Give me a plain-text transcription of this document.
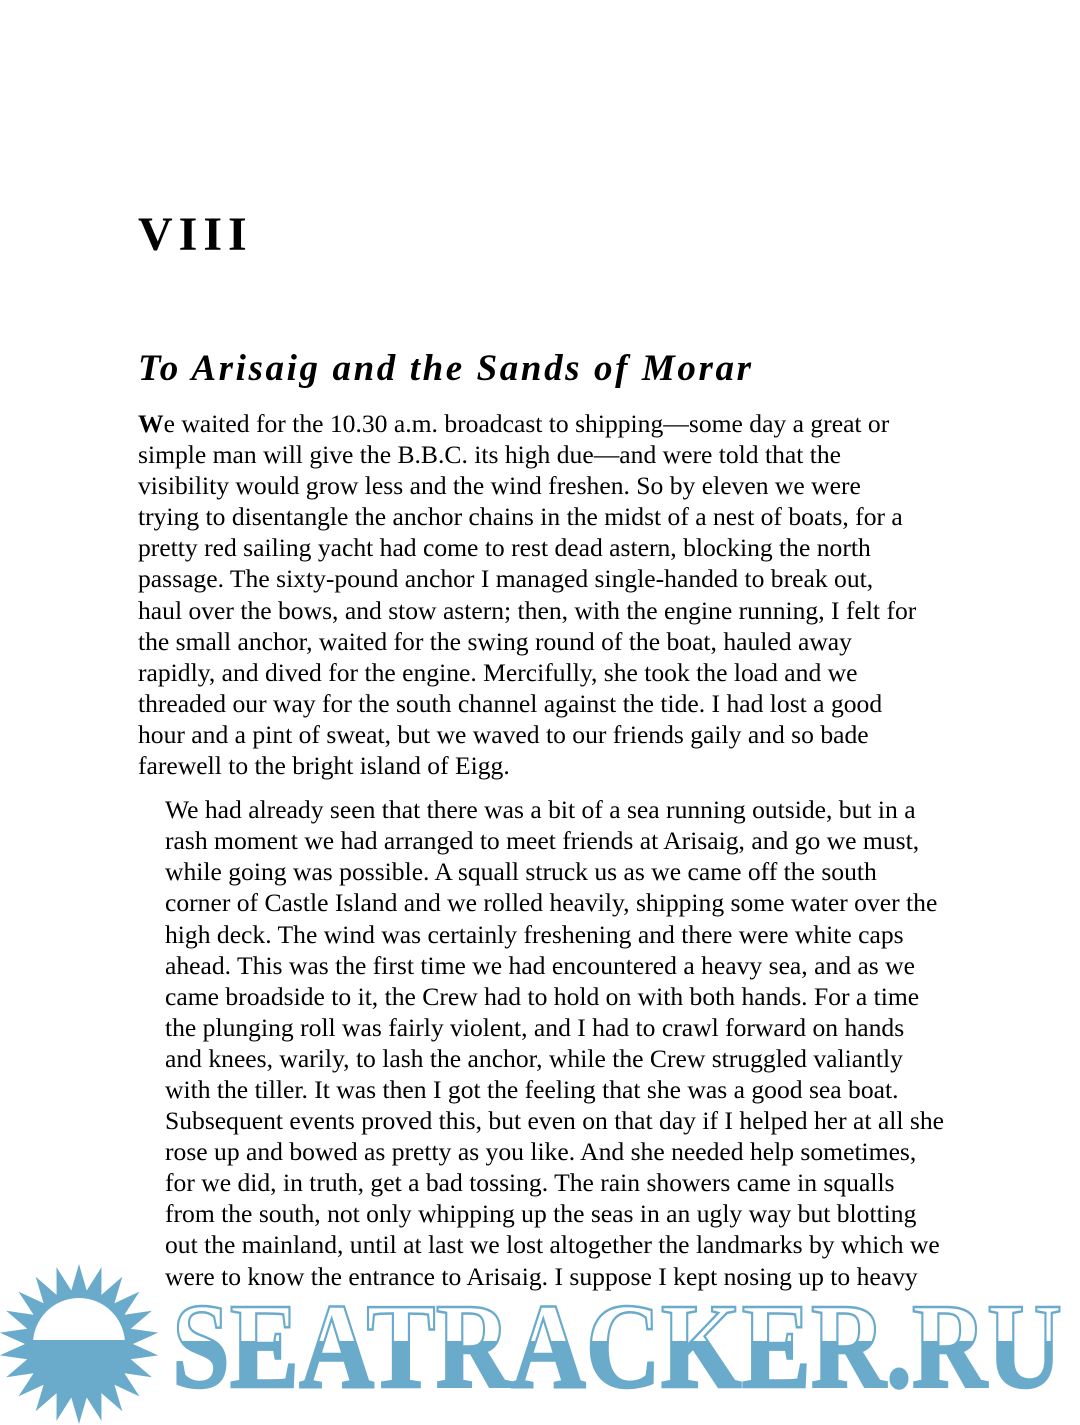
VIII
To Arisaig and the Sands of Morar

We waited for the 10.30 a.m. broadcast to shipping—some day a great or
simple man will give the B.B.C. its high due—and were told that the
visibility would grow less and the wind freshen. So by eleven we were
trying to disentangle the anchor chains in the midst of a nest of boats, for a
pretty red sailing yacht had come to rest dead astern, blocking the north
passage. The sixty-pound anchor I managed single-handed to break out,
haul over the bows, and stow astern; then, with the engine running, I felt for
the small anchor, waited for the swing round of the boat, hauled away
rapidly, and dived for the engine. Mercifully, she took the load and we
threaded our way for the south channel against the tide. I had lost a good
hour and a pint of sweat, but we waved to our friends gaily and so bade
farewell to the bright island of Eigg.

We had already seen that there was a bit of a sea running outside, but in a
rash moment we had arranged to meet friends at Arisaig, and go we must,
while going was possible. A squall struck us as we came off the south
corner of Castle Island and we rolled heavily, shipping some water over the
high deck. The wind was certainly freshening and there were white caps
ahead. This was the first time we had encountered a heavy sea, and as we
came broadside to it, the Crew had to hold on with both hands. For a time
the plunging roll was fairly violent, and I had to crawl forward on hands
and knees, warily, to lash the anchor, while the Crew struggled valiantly
with the tiller. It was then I got the feeling that she was a good sea boat.
Subsequent events proved this, but even on that day if I helped her at all she
rose up and bowed as pretty as you like. And she needed help sometimes,
for we did, in truth, get a bad tossing. The rain showers came in squalls
from the south, not only whipping up the seas in an ugly way but blotting
out the mainland, until at last we lost altogether the landmarks by which we
were to know the entrance to Arisaig. I suppose I kept nosing up to heavy

SEATRACKER.RU
